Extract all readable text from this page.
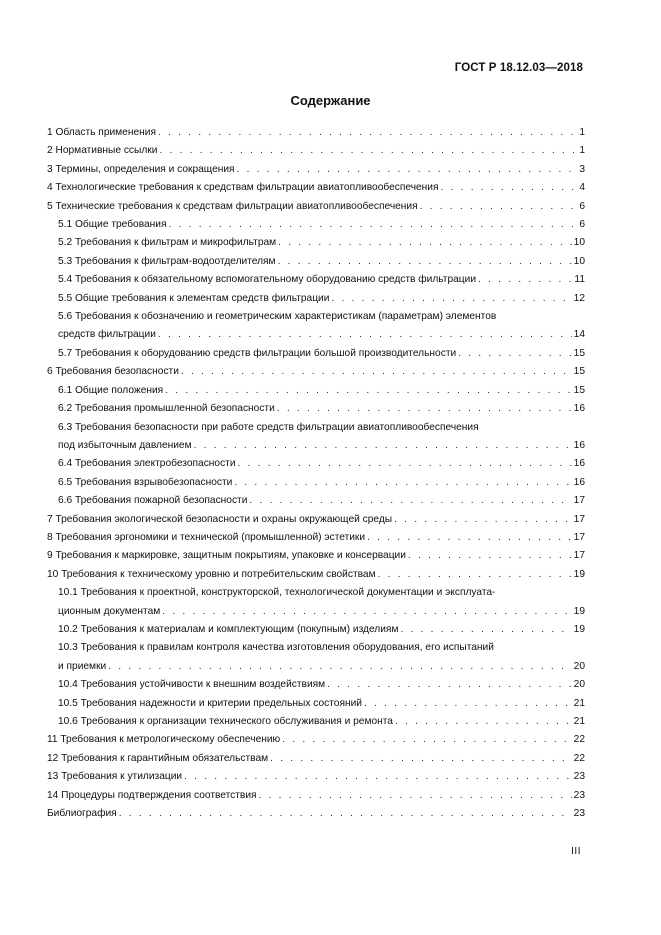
ГОСТ Р 18.12.03—2018
Содержание
1 Область применения . . .	1
2 Нормативные ссылки . . .	1
3 Термины, определения и сокращения . . .	3
4 Технологические требования к средствам фильтрации авиатопливообеспечения . . .	4
5 Технические требования к средствам фильтрации авиатопливообеспечения . . .	6
5.1 Общие требования . . .	6
5.2 Требования к фильтрам и микрофильтрам . . .	10
5.3 Требования к фильтрам-водоотделителям . . .	10
5.4 Требования к обязательному вспомогательному оборудованию средств фильтрации . . .	11
5.5 Общие требования к элементам средств фильтрации . . .	12
5.6 Требования к обозначению и геометрическим характеристикам (параметрам) элементов
средств фильтрации . . .	14
5.7 Требования к оборудованию средств фильтрации большой производительности . . .	15
6 Требования безопасности . . .	15
6.1 Общие положения . . .	15
6.2 Требования промышленной безопасности . . .	16
6.3 Требования безопасности при работе средств фильтрации авиатопливообеспечения
под избыточным давлением . . .	16
6.4 Требования электробезопасности . . .	16
6.5 Требования взрывобезопасности . . .	16
6.6 Требования пожарной безопасности . . .	17
7 Требования экологической безопасности и охраны окружающей среды . . .	17
8 Требования эргономики и технической (промышленной) эстетики . . .	17
9 Требования к маркировке, защитным покрытиям, упаковке и консервации . . .	17
10 Требования к техническому уровню и потребительским свойствам . . .	19
10.1 Требования к проектной, конструкторской, технологической документации и эксплуата-
ционным документам . . .	19
10.2 Требования к материалам и комплектующим (покупным) изделиям . . .	19
10.3 Требования к правилам контроля качества изготовления оборудования, его испытаний
и приемки . . .	20
10.4 Требования устойчивости к внешним воздействиям . . .	20
10.5 Требования надежности и критерии предельных состояний . . .	21
10.6 Требования к организации технического обслуживания и ремонта . . .	21
11 Требования к метрологическому обеспечению . . .	22
12 Требования к гарантийным обязательствам . . .	22
13 Требования к утилизации . . .	23
14 Процедуры подтверждения соответствия . . .	23
Библиография . . .	23
III
